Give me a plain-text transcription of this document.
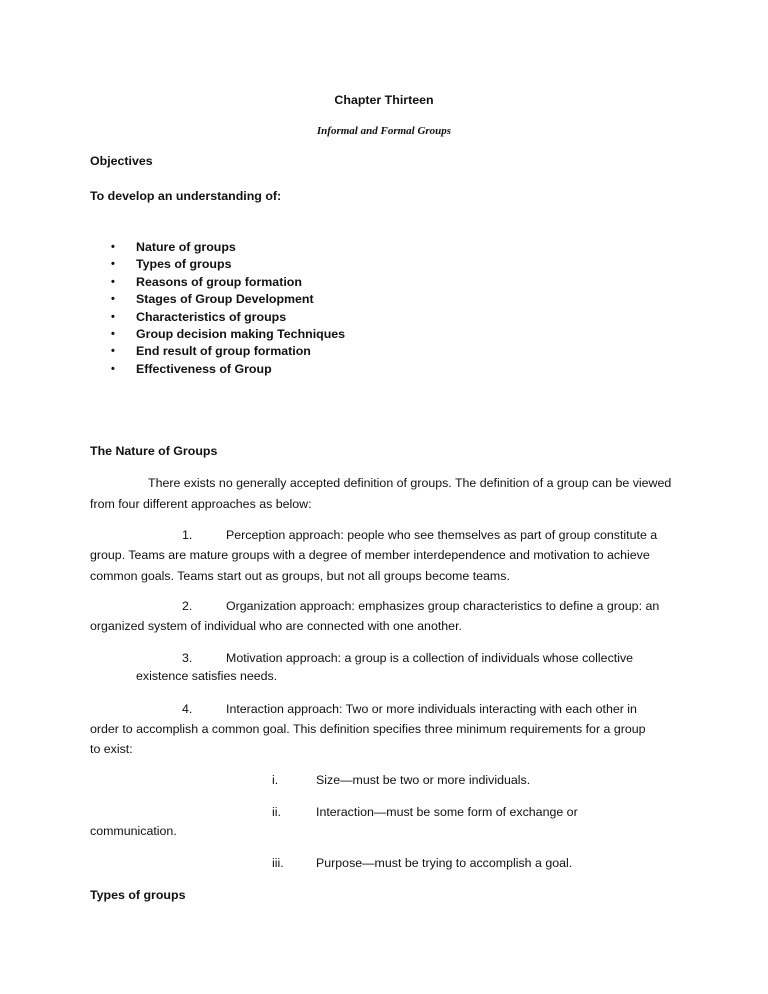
Chapter Thirteen
Informal and Formal Groups
Objectives
To develop an understanding of:
• Nature of groups
• Types of groups
• Reasons of group formation
• Stages of Group Development
• Characteristics of groups
• Group decision making Techniques
• End result of group formation
• Effectiveness of Group
The Nature of Groups
There exists no generally accepted definition of groups. The definition of a group can be viewed
from four different approaches as below:
1.	Perception approach: people who see themselves as part of group constitute a
group. Teams are mature groups with a degree of member interdependence and motivation to achieve
common goals. Teams start out as groups, but not all groups become teams.
2.	Organization approach: emphasizes group characteristics to define a group: an
organized system of individual who are connected with one another.
3.	Motivation approach: a group is a collection of individuals whose collective
existence satisfies needs.
4.	Interaction approach: Two or more individuals interacting with each other in
order to accomplish a common goal. This definition specifies three minimum requirements for a group
to exist:
i.	Size—must be two or more individuals.
ii.	Interaction—must be some form of exchange or
communication.
iii.	Purpose—must be trying to accomplish a goal.
Types of groups
